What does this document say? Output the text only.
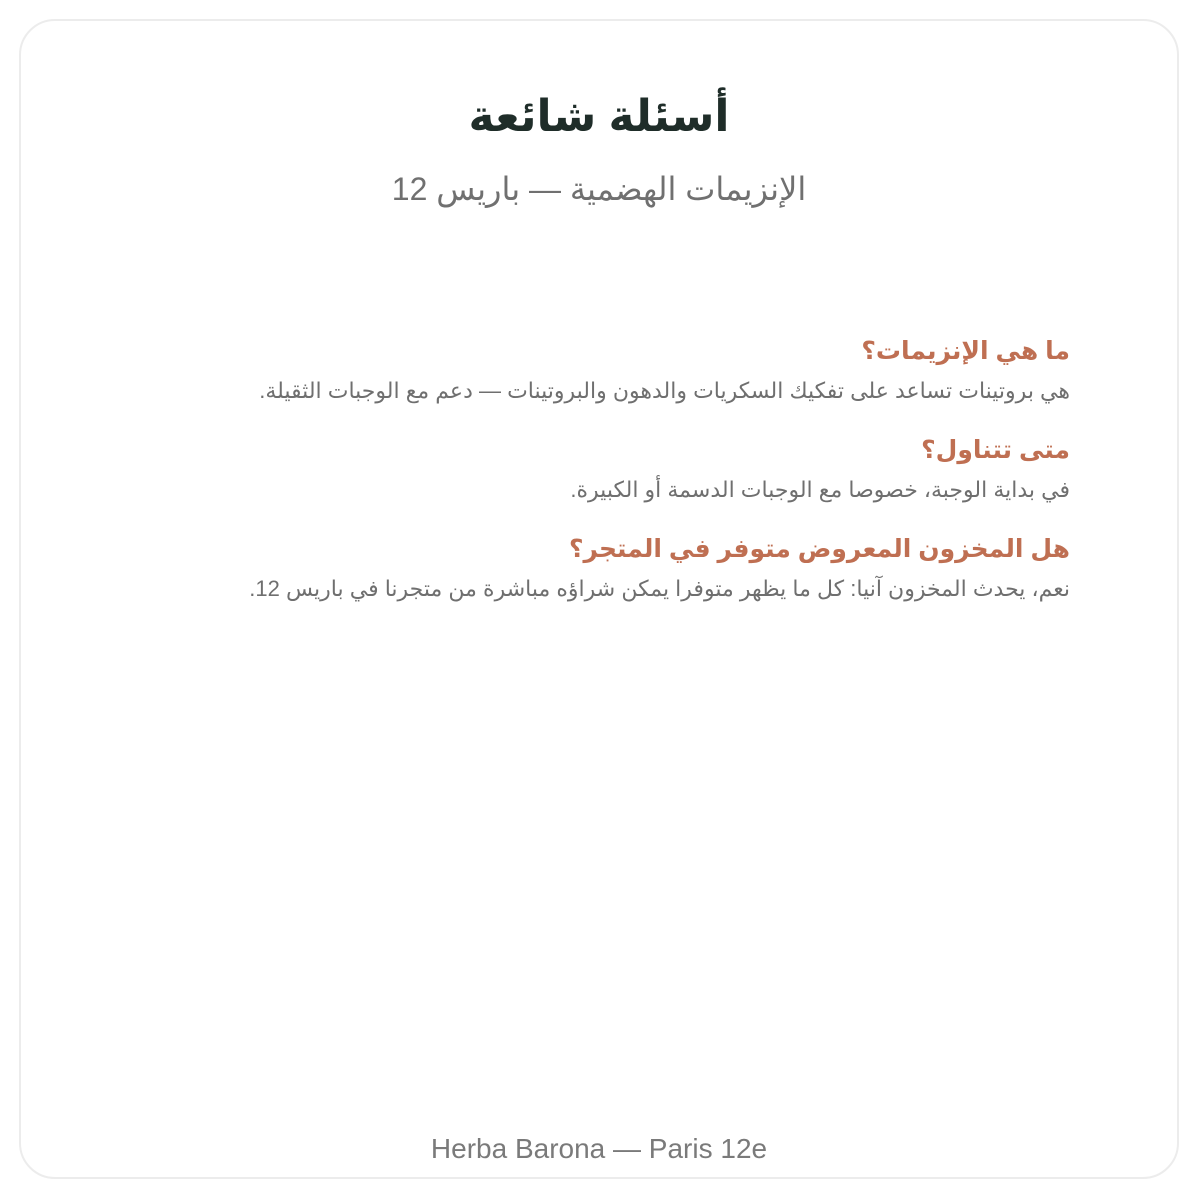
أسئلة شائعة

الإنزيمات الهضمية — باريس 12

ما هي الإنزيمات؟

هي بروتينات تساعد على تفكيك السكريات والدهون والبروتينات — دعم مع الوجبات الثقيلة.

متى تتناول؟

في بداية الوجبة، خصوصا مع الوجبات الدسمة أو الكبيرة.

هل المخزون المعروض متوفر في المتجر؟

نعم، يحدث المخزون آنيا: كل ما يظهر متوفرا يمكن شراؤه مباشرة من متجرنا في باريس 12.

Herba Barona — Paris 12e
